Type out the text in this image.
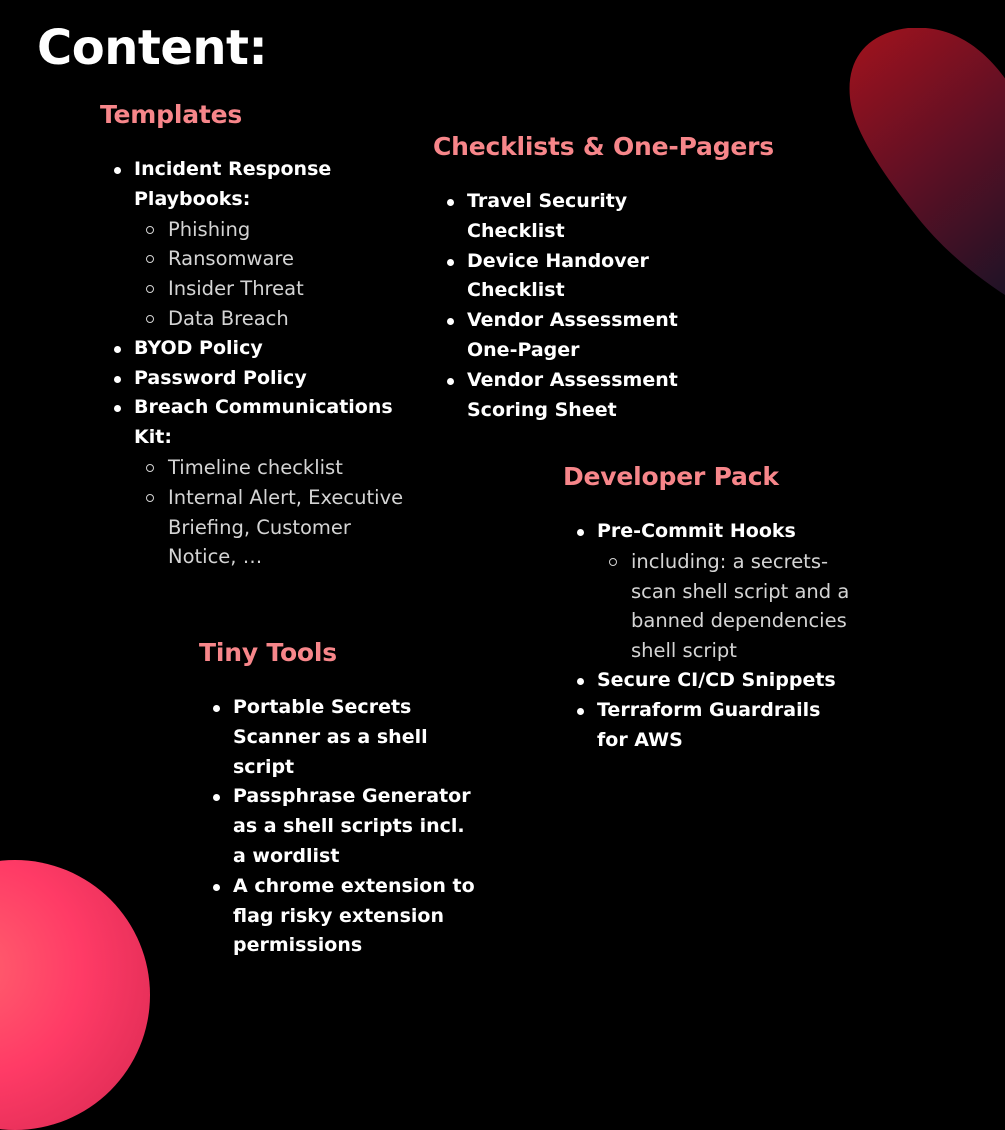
Content:
Templates
Incident Response Playbooks:
Phishing
Ransomware
Insider Threat
Data Breach
BYOD Policy
Password Policy
Breach Communications Kit:
Timeline checklist
Internal Alert, Executive Briefing, Customer Notice, …
Checklists & One-Pagers
Travel Security Checklist
Device Handover Checklist
Vendor Assessment One-Pager
Vendor Assessment Scoring Sheet
Developer Pack
Pre-Commit Hooks
including: a secrets-scan shell script and a banned dependencies shell script
Secure CI/CD Snippets
Terraform Guardrails for AWS
Tiny Tools
Portable Secrets Scanner as a shell script
Passphrase Generator as a shell scripts incl. a wordlist
A chrome extension to flag risky extension permissions
